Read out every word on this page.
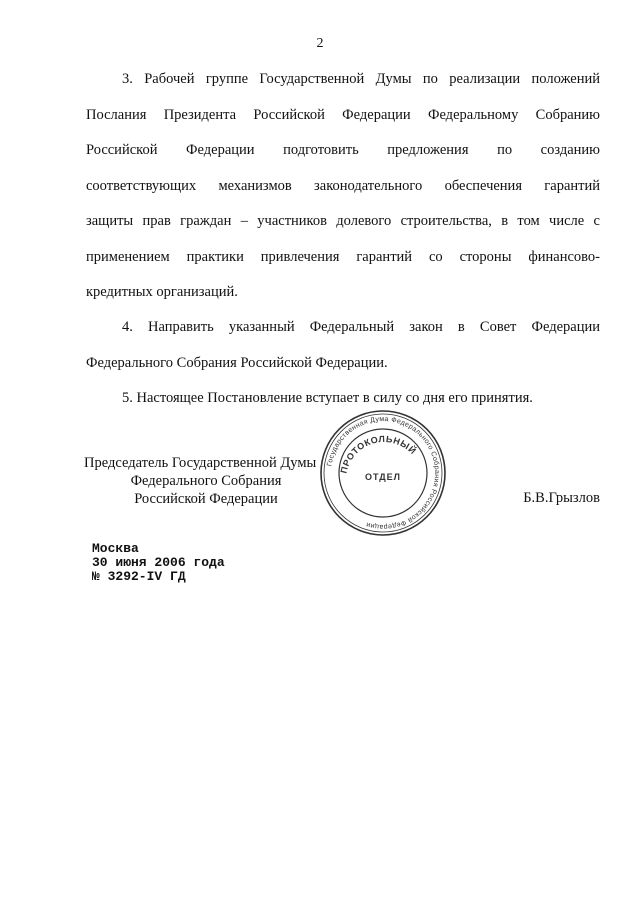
2
3. Рабочей группе Государственной Думы по реализации положений
Послания Президента Российской Федерации Федеральному Собранию
Российской Федерации подготовить предложения по созданию
соответствующих механизмов законодательного обеспечения гарантий
защиты прав граждан – участников долевого строительства, в том числе с
применением практики привлечения гарантий со стороны финансово-
кредитных организаций.
4. Направить указанный Федеральный закон в Совет Федерации
Федерального Собрания Российской Федерации.

5. Настоящее Постановление вступает в силу со дня его принятия.

Государственная Дума Федерального Собрания Российской Федерации
ПРОТОКОЛЬНЫЙ
ОТДЕЛ
Председатель Государственной Думы
Федерального Собрания
Российской Федерации	Б.В.Грызлов
Москва
30 июня 2006 года
№ 3292-IV ГД
